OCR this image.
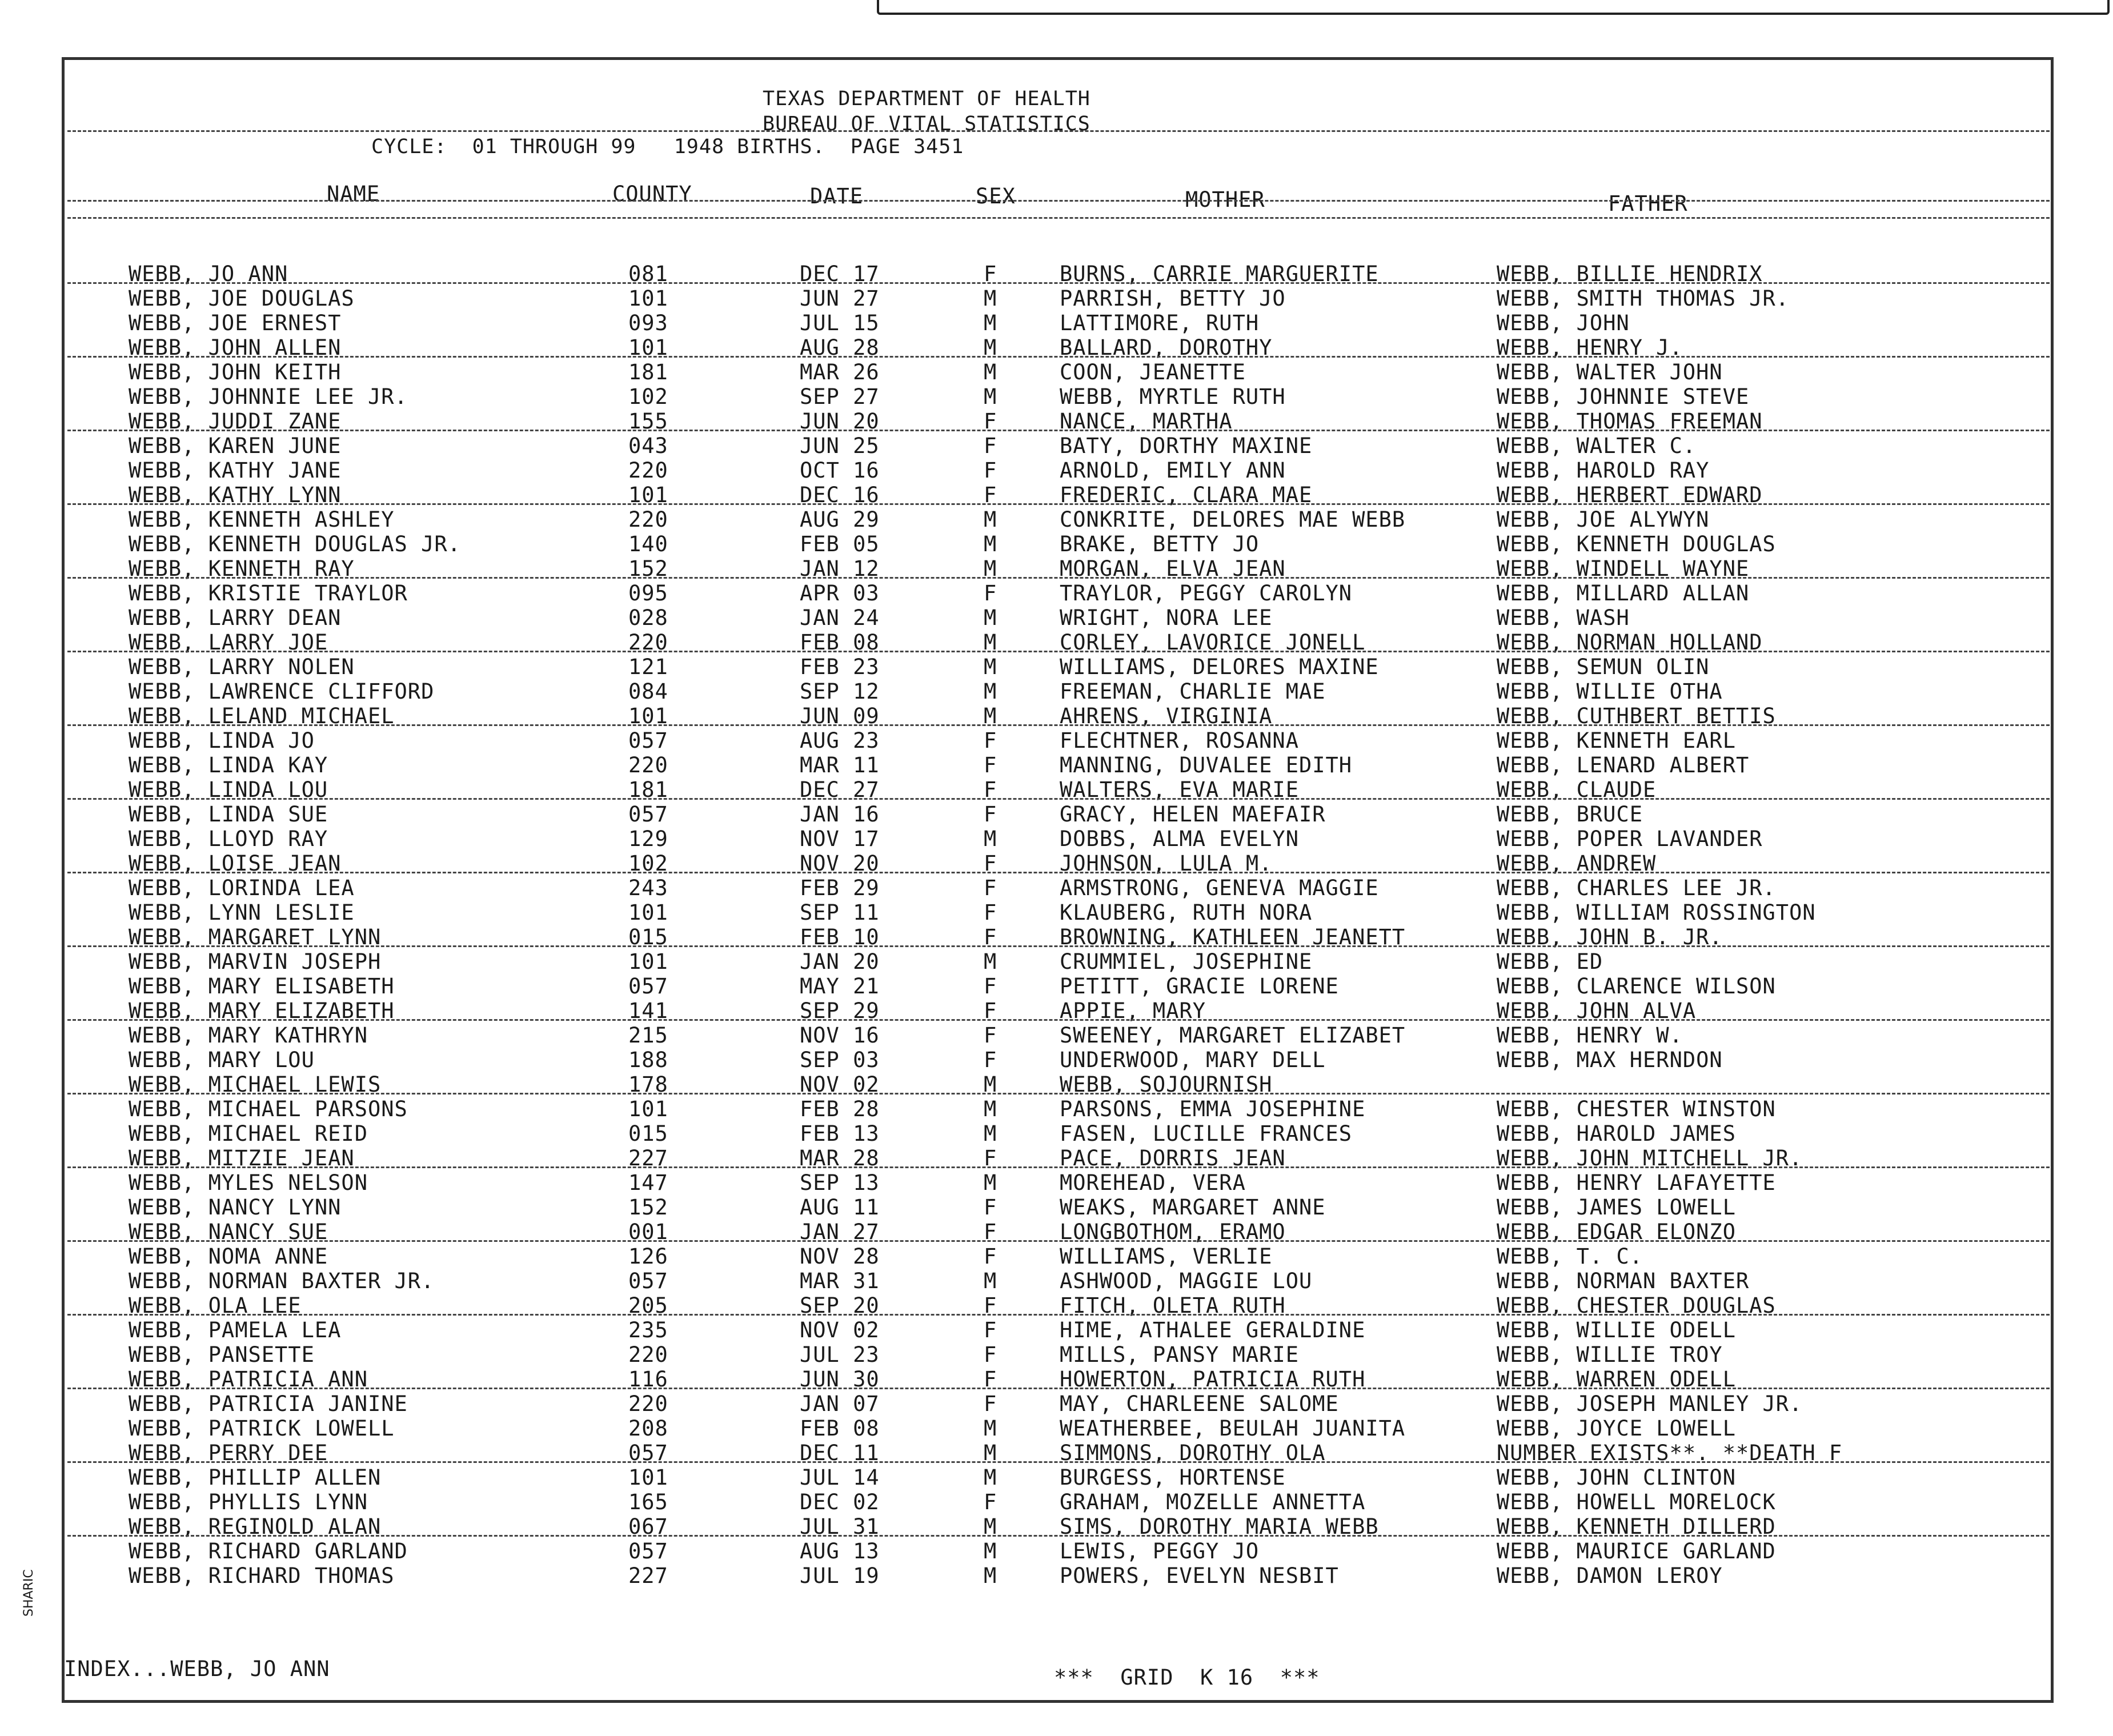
TEXAS DEPARTMENT OF HEALTH
BUREAU OF VITAL STATISTICS
CYCLE:  01 THROUGH 99   1948 BIRTHS.  PAGE 3451
NAME	COUNTY	DATE	SEX	MOTHER	FATHER
WEBB, JO ANN	081	DEC 17	F	BURNS, CARRIE MARGUERITE	WEBB, BILLIE HENDRIX
WEBB, JOE DOUGLAS	101	JUN 27	M	PARRISH, BETTY JO	WEBB, SMITH THOMAS JR.
WEBB, JOE ERNEST	093	JUL 15	M	LATTIMORE, RUTH	WEBB, JOHN
WEBB, JOHN ALLEN	101	AUG 28	M	BALLARD, DOROTHY	WEBB, HENRY J.
WEBB, JOHN KEITH	181	MAR 26	M	COON, JEANETTE	WEBB, WALTER JOHN
WEBB, JOHNNIE LEE JR.	102	SEP 27	M	WEBB, MYRTLE RUTH	WEBB, JOHNNIE STEVE
WEBB, JUDDI ZANE	155	JUN 20	F	NANCE, MARTHA	WEBB, THOMAS FREEMAN
WEBB, KAREN JUNE	043	JUN 25	F	BATY, DORTHY MAXINE	WEBB, WALTER C.
WEBB, KATHY JANE	220	OCT 16	F	ARNOLD, EMILY ANN	WEBB, HAROLD RAY
WEBB, KATHY LYNN	101	DEC 16	F	FREDERIC, CLARA MAE	WEBB, HERBERT EDWARD
WEBB, KENNETH ASHLEY	220	AUG 29	M	CONKRITE, DELORES MAE WEBB	WEBB, JOE ALYWYN
WEBB, KENNETH DOUGLAS JR.	140	FEB 05	M	BRAKE, BETTY JO	WEBB, KENNETH DOUGLAS
WEBB, KENNETH RAY	152	JAN 12	M	MORGAN, ELVA JEAN	WEBB, WINDELL WAYNE
WEBB, KRISTIE TRAYLOR	095	APR 03	F	TRAYLOR, PEGGY CAROLYN	WEBB, MILLARD ALLAN
WEBB, LARRY DEAN	028	JAN 24	M	WRIGHT, NORA LEE	WEBB, WASH
WEBB, LARRY JOE	220	FEB 08	M	CORLEY, LAVORICE JONELL	WEBB, NORMAN HOLLAND
WEBB, LARRY NOLEN	121	FEB 23	M	WILLIAMS, DELORES MAXINE	WEBB, SEMUN OLIN
WEBB, LAWRENCE CLIFFORD	084	SEP 12	M	FREEMAN, CHARLIE MAE	WEBB, WILLIE OTHA
WEBB, LELAND MICHAEL	101	JUN 09	M	AHRENS, VIRGINIA	WEBB, CUTHBERT BETTIS
WEBB, LINDA JO	057	AUG 23	F	FLECHTNER, ROSANNA	WEBB, KENNETH EARL
WEBB, LINDA KAY	220	MAR 11	F	MANNING, DUVALEE EDITH	WEBB, LENARD ALBERT
WEBB, LINDA LOU	181	DEC 27	F	WALTERS, EVA MARIE	WEBB, CLAUDE
WEBB, LINDA SUE	057	JAN 16	F	GRACY, HELEN MAEFAIR	WEBB, BRUCE
WEBB, LLOYD RAY	129	NOV 17	M	DOBBS, ALMA EVELYN	WEBB, POPER LAVANDER
WEBB, LOISE JEAN	102	NOV 20	F	JOHNSON, LULA M.	WEBB, ANDREW
WEBB, LORINDA LEA	243	FEB 29	F	ARMSTRONG, GENEVA MAGGIE	WEBB, CHARLES LEE JR.
WEBB, LYNN LESLIE	101	SEP 11	F	KLAUBERG, RUTH NORA	WEBB, WILLIAM ROSSINGTON
WEBB, MARGARET LYNN	015	FEB 10	F	BROWNING, KATHLEEN JEANETT	WEBB, JOHN B. JR.
WEBB, MARVIN JOSEPH	101	JAN 20	M	CRUMMIEL, JOSEPHINE	WEBB, ED
WEBB, MARY ELISABETH	057	MAY 21	F	PETITT, GRACIE LORENE	WEBB, CLARENCE WILSON
WEBB, MARY ELIZABETH	141	SEP 29	F	APPIE, MARY	WEBB, JOHN ALVA
WEBB, MARY KATHRYN	215	NOV 16	F	SWEENEY, MARGARET ELIZABET	WEBB, HENRY W.
WEBB, MARY LOU	188	SEP 03	F	UNDERWOOD, MARY DELL	WEBB, MAX HERNDON
WEBB, MICHAEL LEWIS	178	NOV 02	M	WEBB, SOJOURNISH
WEBB, MICHAEL PARSONS	101	FEB 28	M	PARSONS, EMMA JOSEPHINE	WEBB, CHESTER WINSTON
WEBB, MICHAEL REID	015	FEB 13	M	FASEN, LUCILLE FRANCES	WEBB, HAROLD JAMES
WEBB, MITZIE JEAN	227	MAR 28	F	PACE, DORRIS JEAN	WEBB, JOHN MITCHELL JR.
WEBB, MYLES NELSON	147	SEP 13	M	MOREHEAD, VERA	WEBB, HENRY LAFAYETTE
WEBB, NANCY LYNN	152	AUG 11	F	WEAKS, MARGARET ANNE	WEBB, JAMES LOWELL
WEBB, NANCY SUE	001	JAN 27	F	LONGBOTHOM, ERAMO	WEBB, EDGAR ELONZO
WEBB, NOMA ANNE	126	NOV 28	F	WILLIAMS, VERLIE	WEBB, T. C.
WEBB, NORMAN BAXTER JR.	057	MAR 31	M	ASHWOOD, MAGGIE LOU	WEBB, NORMAN BAXTER
WEBB, OLA LEE	205	SEP 20	F	FITCH, OLETA RUTH	WEBB, CHESTER DOUGLAS
WEBB, PAMELA LEA	235	NOV 02	F	HIME, ATHALEE GERALDINE	WEBB, WILLIE ODELL
WEBB, PANSETTE	220	JUL 23	F	MILLS, PANSY MARIE	WEBB, WILLIE TROY
WEBB, PATRICIA ANN	116	JUN 30	F	HOWERTON, PATRICIA RUTH	WEBB, WARREN ODELL
WEBB, PATRICIA JANINE	220	JAN 07	F	MAY, CHARLEENE SALOME	WEBB, JOSEPH MANLEY JR.
WEBB, PATRICK LOWELL	208	FEB 08	M	WEATHERBEE, BEULAH JUANITA	WEBB, JOYCE LOWELL
WEBB, PERRY DEE	057	DEC 11	M	SIMMONS, DOROTHY OLA	NUMBER EXISTS**. **DEATH F
WEBB, PHILLIP ALLEN	101	JUL 14	M	BURGESS, HORTENSE	WEBB, JOHN CLINTON
WEBB, PHYLLIS LYNN	165	DEC 02	F	GRAHAM, MOZELLE ANNETTA	WEBB, HOWELL MORELOCK
WEBB, REGINOLD ALAN	067	JUL 31	M	SIMS, DOROTHY MARIA WEBB	WEBB, KENNETH DILLERD
WEBB, RICHARD GARLAND	057	AUG 13	M	LEWIS, PEGGY JO	WEBB, MAURICE GARLAND
WEBB, RICHARD THOMAS	227	JUL 19	M	POWERS, EVELYN NESBIT	WEBB, DAMON LEROY
SHARIC
INDEX...WEBB, JO ANN	***  GRID  K 16  ***
